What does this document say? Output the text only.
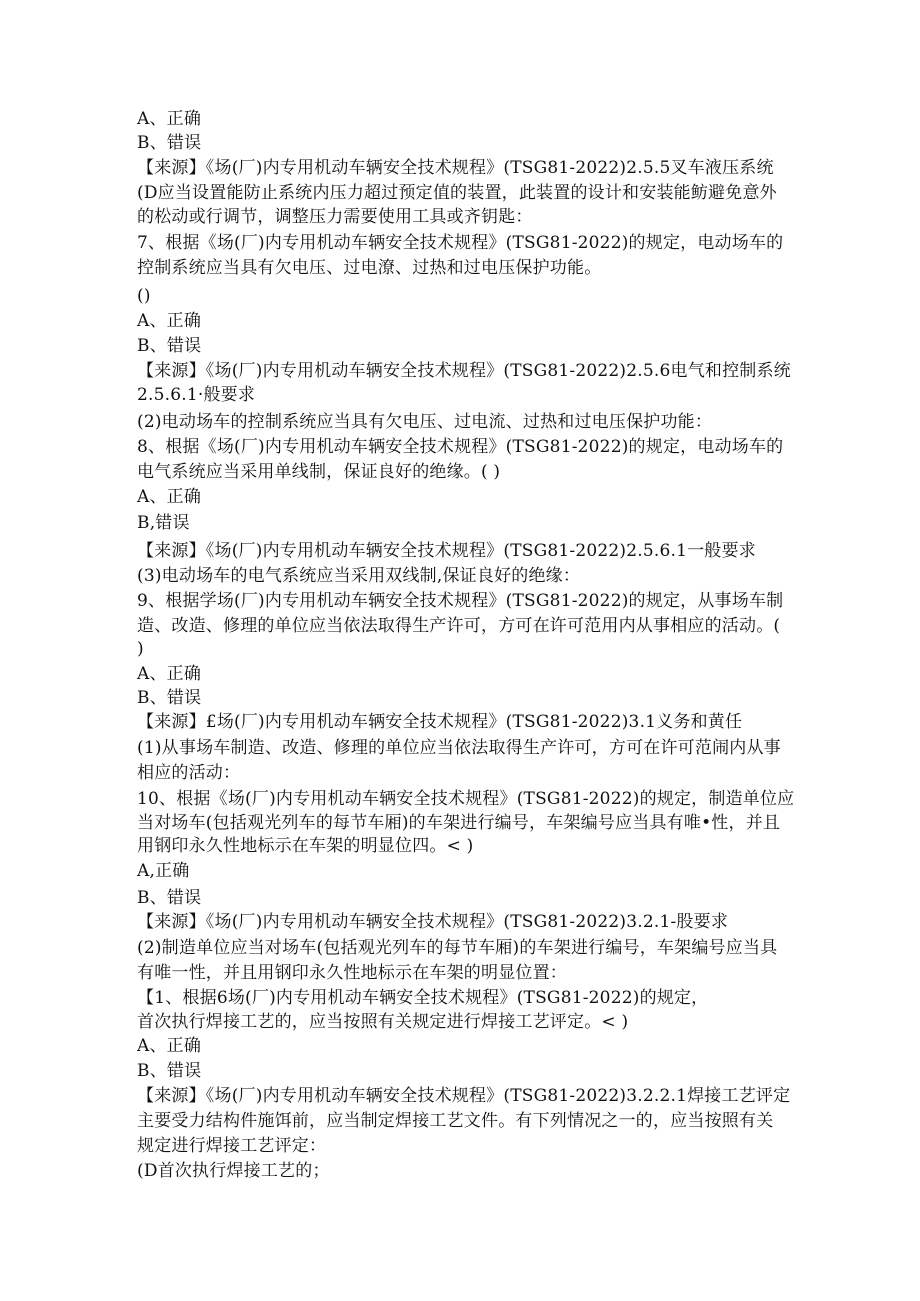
A、正确
B、错误
【来源】《场(厂)内专用机动车辆安全技术规程》(TSG81-2022)2.5.5叉车液压系统
(D应当设置能防止系统内压力超过预定值的装置，此装置的设计和安装能鲂避免意外
的松动或行调节，调整压力需要使用工具或齐钥匙：
7、根据《场(厂)内专用机动车辆安全技术规程》(TSG81-2022)的规定，电动场车的
控制系统应当具有欠电压、过电潦、过热和过电压保护功能。
()
A、正确
B、错误
【来源】《场(厂)内专用机动车辆安全技术规程》(TSG81-2022)2.5.6电气和控制系统
2.5.6.1·般要求
(2)电动场车的控制系统应当具有欠电压、过电流、过热和过电压保护功能：
8、根据《场(厂)内专用机动车辆安全技术规程》(TSG81-2022)的规定，电动场车的
电气系统应当采用单线制，保证良好的绝缘。( )
A、正确
B,错误
【来源】《场(厂)内专用机动车辆安全技术规程》(TSG81-2022)2.5.6.1一般要求
(3)电动场车的电气系统应当采用双线制,保证良好的绝缘：
9、根据学场(厂)内专用机动车辆安全技术规程》(TSG81-2022)的规定，从事场车制
造、改造、修理的单位应当依法取得生产许可，方可在许可范用内从事相应的活动。(
)
A、正确
B、错误
【来源】£场(厂)内专用机动车辆安全技术规程》(TSG81-2022)3.1义务和黄任
(1)从事场车制造、改造、修理的单位应当依法取得生产许可，方可在许可范闹内从事
相应的活动：
10、根据《场(厂)内专用机动车辆安全技术规程》(TSG81-2022)的规定，制造单位应
当对场车(包括观光列车的每节车厢)的车架进行编号，车架编号应当具有唯•性，并且
用钢印永久性地标示在车架的明显位四。< )
A,正确
B、错误
【来源】《场(厂)内专用机动车辆安全技术规程》(TSG81-2022)3.2.1-股要求
(2)制造单位应当对场车(包括观光列车的每节车厢)的车架进行编号，车架编号应当具
有唯一性，并且用钢印永久性地标示在车架的明显位置：
【1、根据6场(厂)内专用机动车辆安全技术规程》(TSG81-2022)的规定，
首次执行焊接工艺的，应当按照有关规定进行焊接工艺评定。< )
A、正确
B、错误
【来源】《场(厂)内专用机动车辆安全技术规程》(TSG81-2022)3.2.2.1焊接工艺评定
主要受力结构件施饵前，应当制定焊接工艺文件。有下列情况之一的，应当按照有关
规定进行焊接工艺评定：
(D首次执行焊接工艺的；
